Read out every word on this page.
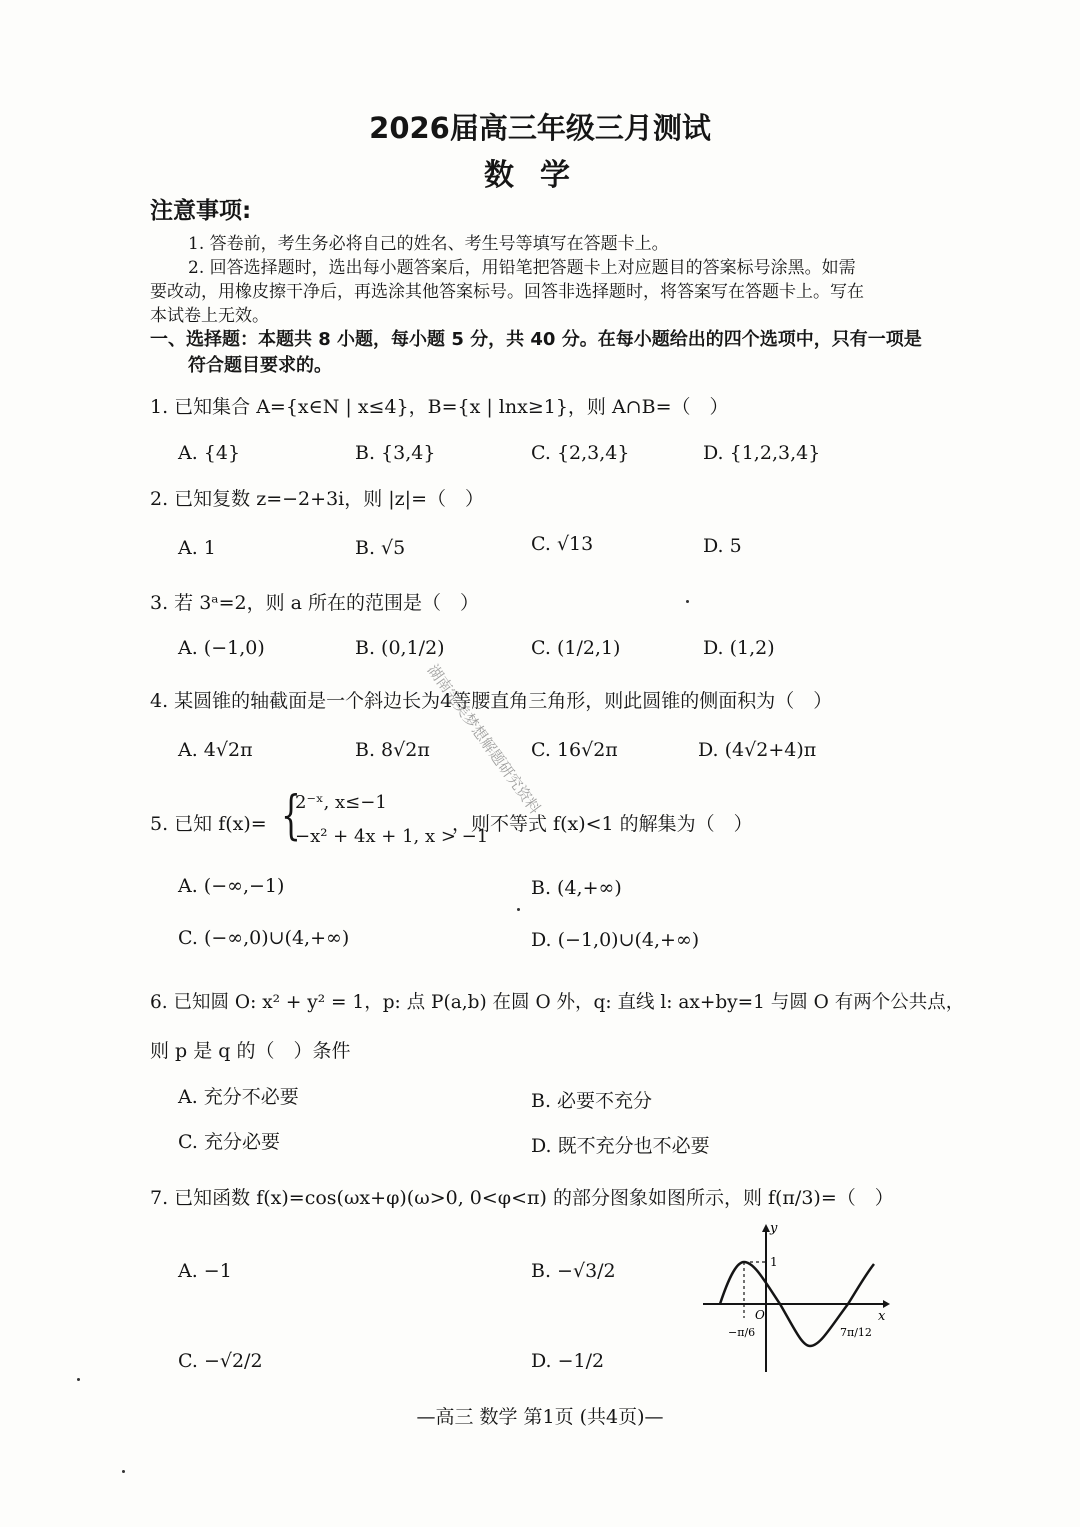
2026届高三年级三月测试
数学
注意事项:
1. 答卷前，考生务必将自己的姓名、考生号等填写在答题卡上。
2. 回答选择题时，选出每小题答案后，用铅笔把答题卡上对应题目的答案标号涂黑。如需
要改动，用橡皮擦干净后，再选涂其他答案标号。回答非选择题时，将答案写在答题卡上。写在
本试卷上无效。
一、选择题：本题共 8 小题，每小题 5 分，共 40 分。在每小题给出的四个选项中，只有一项是
符合题目要求的。
1. 已知集合 A={x∈N | x≤4}，B={x | lnx≥1}，则 A∩B=（　）
A. {4}	B. {3,4}	C. {2,3,4}	D. {1,2,3,4}
2. 已知复数 z=−2+3i，则 |z|=（　）
A. 1	B. √5	C. √13	D. 5
3. 若 3ᵃ=2，则 a 所在的范围是（　）
A. (−1,0)	B. (0,1/2)	C. (1/2,1)	D. (1,2)
4. 某圆锥的轴截面是一个斜边长为4等腰直角三角形，则此圆锥的侧面积为（　）
A. 4√2π	B. 8√2π	C. 16√2π	D. (4√2+4)π
5. 已知 f(x)= {
2⁻ˣ, x≤−1
−x² + 4x + 1, x > −1
，则不等式 f(x)<1 的解集为（　）
A. (−∞,−1)	B. (4,+∞)
C. (−∞,0)∪(4,+∞)	D. (−1,0)∪(4,+∞)
6. 已知圆 O: x² + y² = 1，p: 点 P(a,b) 在圆 O 外，q: 直线 l: ax+by=1 与圆 O 有两个公共点，
则 p 是 q 的（　）条件
A. 充分不必要	B. 必要不充分
C. 充分必要	D. 既不充分也不必要
7. 已知函数 f(x)=cos(ωx+φ)(ω>0, 0<φ<π) 的部分图象如图所示，则 f(π/3)=（　）
A. −1	B. −√3/2
C. −√2/2	D. −1/2
y
x
O
1
−π/6	7π/12
湖南完美梦想解题研究资料
—高三 数学 第1页 (共4页)—
